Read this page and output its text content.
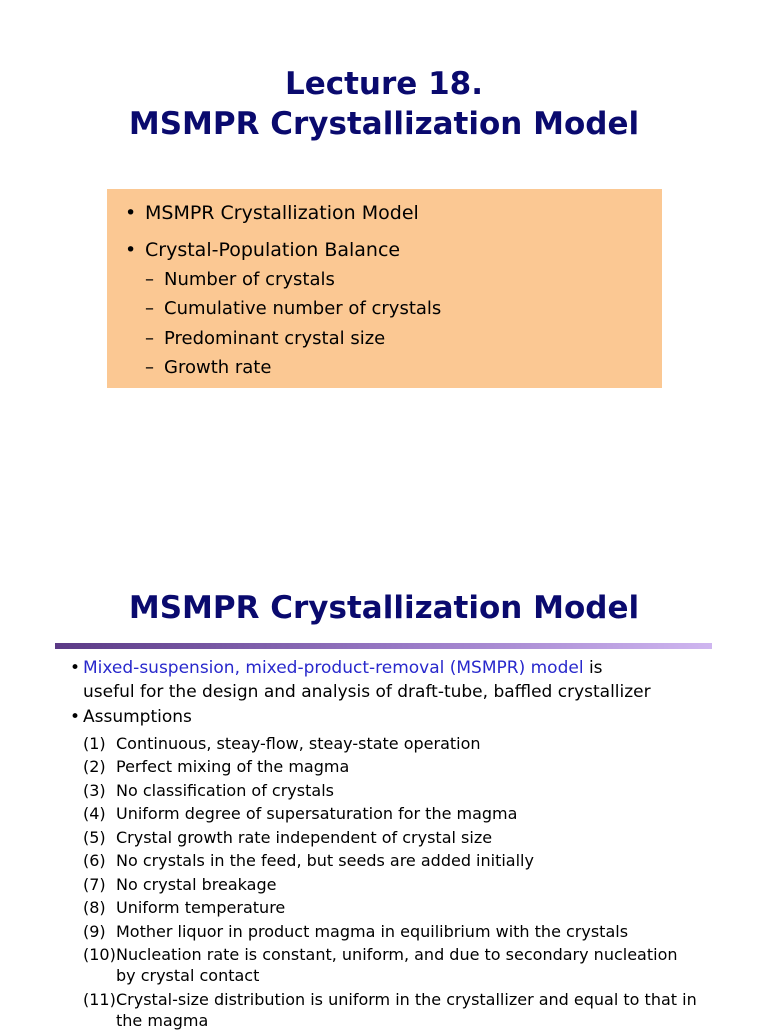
Lecture 18.
MSMPR Crystallization Model
• MSMPR Crystallization Model
• Crystal-Population Balance
– Number of crystals
– Cumulative number of crystals
– Predominant crystal size
– Growth rate
MSMPR Crystallization Model
• Mixed-suspension, mixed-product-removal (MSMPR) model is
useful for the design and analysis of draft-tube, baffled crystallizer
• Assumptions
(1) Continuous, steay-flow, steay-state operation
(2) Perfect mixing of the magma
(3) No classification of crystals
(4) Uniform degree of supersaturation for the magma
(5) Crystal growth rate independent of crystal size
(6) No crystals in the feed, but seeds are added initially
(7) No crystal breakage
(8) Uniform temperature
(9) Mother liquor in product magma in equilibrium with the crystals
(10)Nucleation rate is constant, uniform, and due to secondary nucleation
by crystal contact
(11)Crystal-size distribution is uniform in the crystallizer and equal to that in
the magma
